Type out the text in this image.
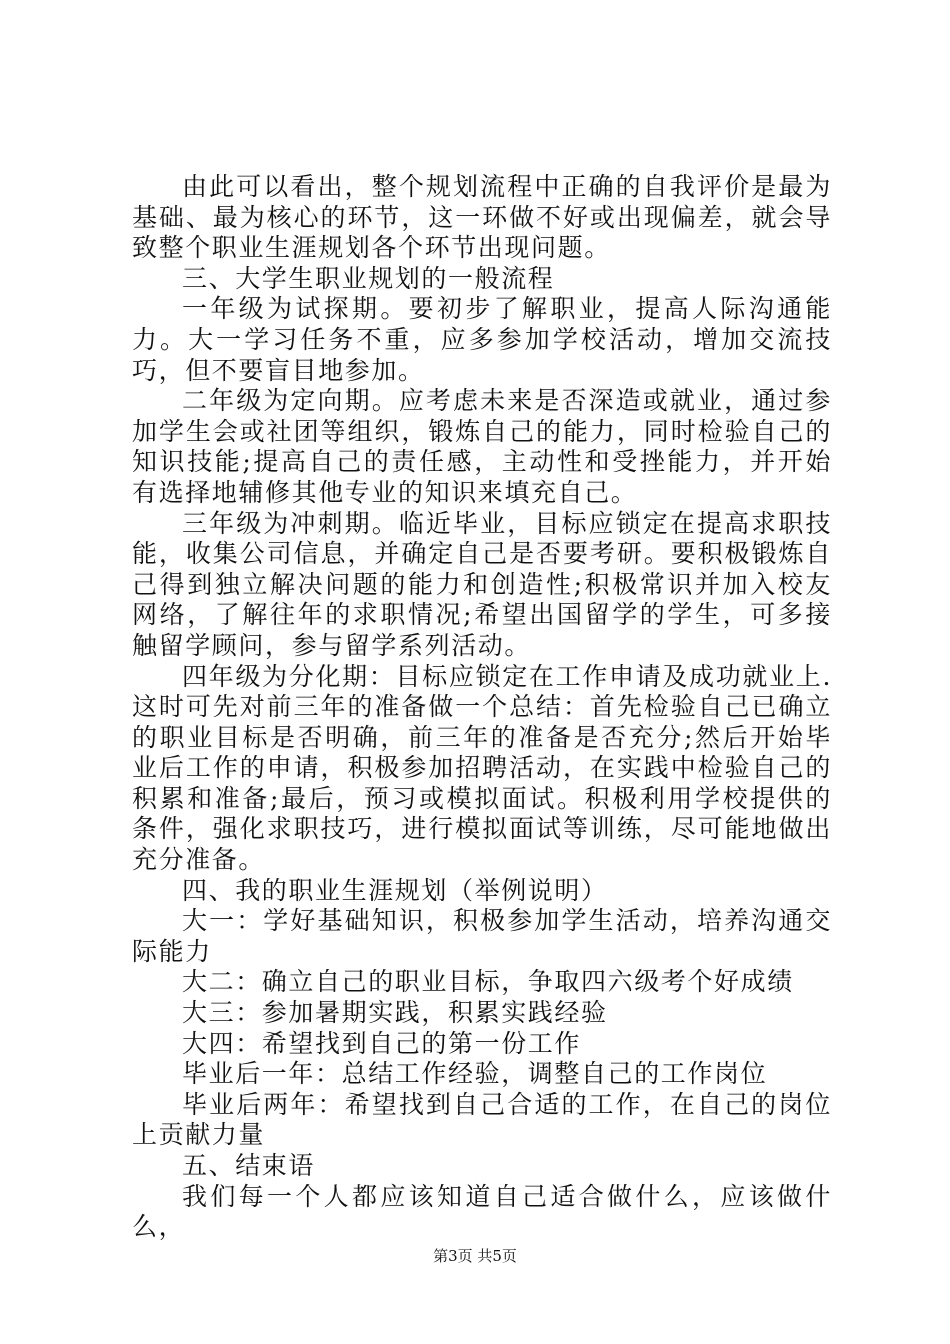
由此可以看出，整个规划流程中正确的自我评价是最为基础、最为核心的环节，这一环做不好或出现偏差，就会导致整个职业生涯规划各个环节出现问题。

三、大学生职业规划的一般流程

一年级为试探期。要初步了解职业，提高人际沟通能力。大一学习任务不重，应多参加学校活动，增加交流技巧，但不要盲目地参加。

二年级为定向期。应考虑未来是否深造或就业，通过参加学生会或社团等组织，锻炼自己的能力，同时检验自己的知识技能;提高自己的责任感，主动性和受挫能力，并开始有选择地辅修其他专业的知识来填充自己。

三年级为冲刺期。临近毕业，目标应锁定在提高求职技能，收集公司信息，并确定自己是否要考研。要积极锻炼自己得到独立解决问题的能力和创造性;积极常识并加入校友网络，了解往年的求职情况;希望出国留学的学生，可多接触留学顾问，参与留学系列活动。

四年级为分化期：目标应锁定在工作申请及成功就业上.这时可先对前三年的准备做一个总结：首先检验自己已确立的职业目标是否明确，前三年的准备是否充分;然后开始毕业后工作的申请，积极参加招聘活动，在实践中检验自己的积累和准备;最后，预习或模拟面试。积极利用学校提供的条件，强化求职技巧，进行模拟面试等训练，尽可能地做出充分准备。

四、我的职业生涯规划（举例说明）

大一：学好基础知识，积极参加学生活动，培养沟通交际能力

大二：确立自己的职业目标，争取四六级考个好成绩

大三：参加暑期实践，积累实践经验

大四：希望找到自己的第一份工作

毕业后一年：总结工作经验，调整自己的工作岗位

毕业后两年：希望找到自己合适的工作，在自己的岗位上贡献力量

五、结束语

我们每一个人都应该知道自己适合做什么，应该做什么，

第3页 共5页
